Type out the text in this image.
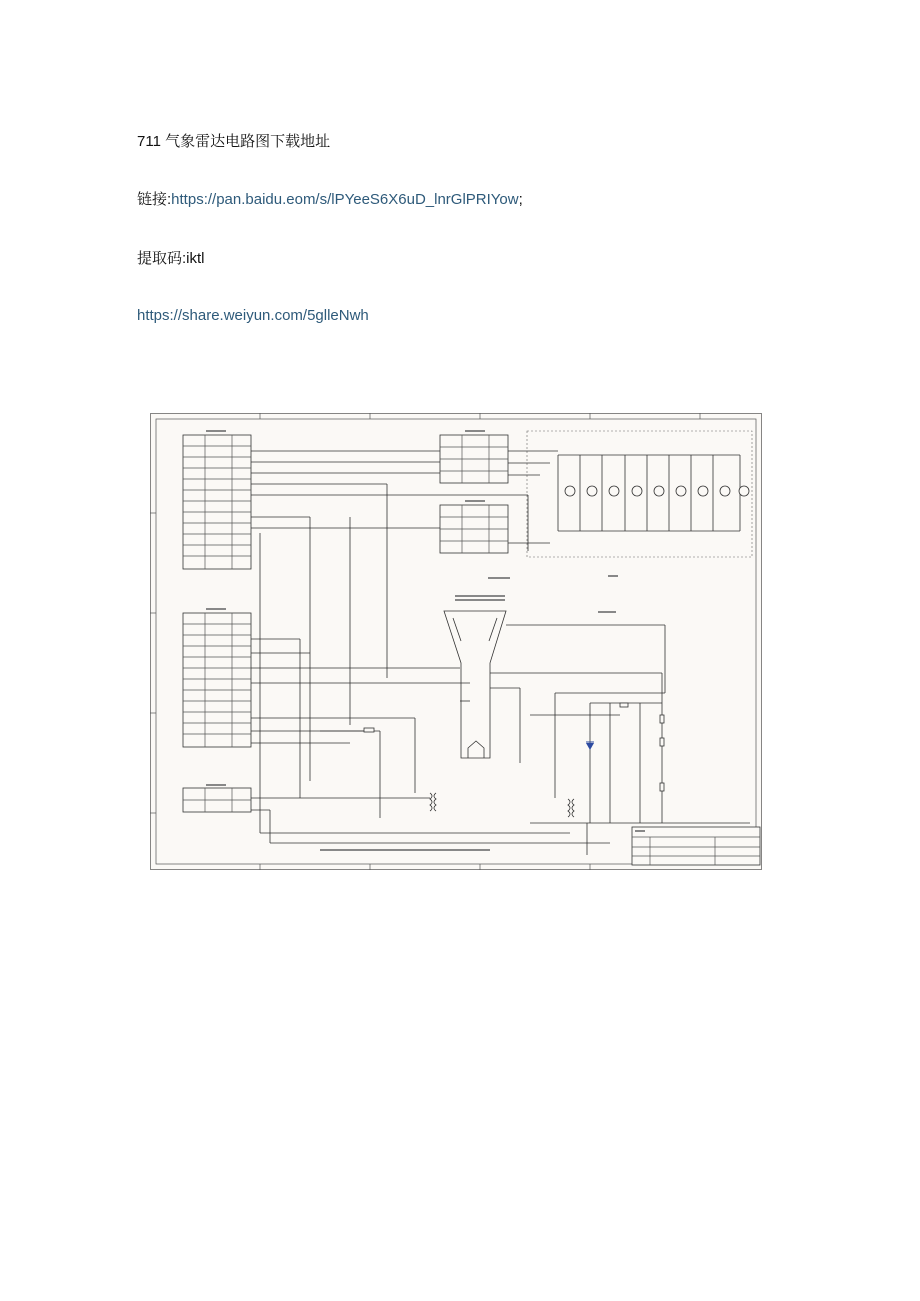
711 气象雷达电路图下载地址
链接:https://pan.baidu.eom/s/lPYeeS6X6uD_lnrGlPRIYow;
提取码:iktl
https://share.weiyun.com/5glleNwh
